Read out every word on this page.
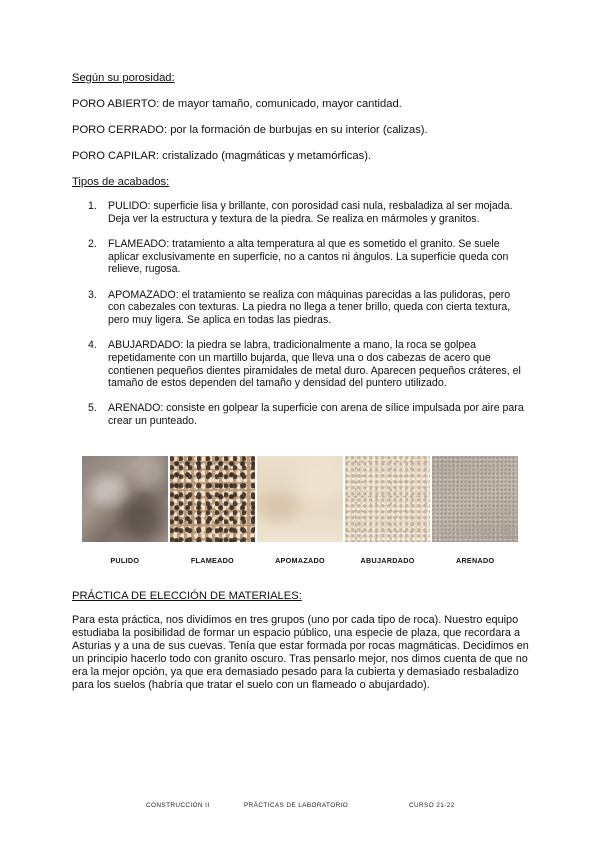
Según su porosidad:

PORO ABIERTO: de mayor tamaño, comunicado, mayor cantidad.

PORO CERRADO: por la formación de burbujas en su interior (calizas).

PORO CAPILAR: cristalizado (magmáticas y metamórficas).

Tipos de acabados:

1. PULIDO: superficie lisa y brillante, con porosidad casi nula, resbaladiza al ser mojada. Deja ver la estructura y textura de la piedra. Se realiza en mármoles y granitos.
2. FLAMEADO: tratamiento a alta temperatura al que es sometido el granito. Se suele aplicar exclusivamente en superficie, no a cantos ni ángulos. La superficie queda con relieve, rugosa.
3. APOMAZADO: el tratamiento se realiza con máquinas parecidas a las pulidoras, pero con cabezales con texturas. La piedra no llega a tener brillo, queda con cierta textura, pero muy ligera. Se aplica en todas las piedras.
4. ABUJARDADO: la piedra se labra, tradicionalmente a mano, la roca se golpea repetidamente con un martillo bujarda, que lleva una o dos cabezas de acero que contienen pequeños dientes piramidales de metal duro. Aparecen pequeños cráteres, el tamaño de estos dependen del tamaño y densidad del puntero utilizado.
5. ARENADO: consiste en golpear la superficie con arena de sílice impulsada por aire para crear un punteado.
PULIDO	FLAMEADO	APOMAZADO	ABUJARDADO	ARENADO

PRÁCTICA DE ELECCIÓN DE MATERIALES:

Para esta práctica, nos dividimos en tres grupos (uno por cada tipo de roca). Nuestro equipo estudiaba la posibilidad de formar un espacio público, una especie de plaza, que recordara a Asturias y a una de sus cuevas. Tenía que estar formada por rocas magmáticas. Decidimos en un principio hacerlo todo con granito oscuro. Tras pensarlo mejor, nos dimos cuenta de que no era la mejor opción, ya que era demasiado pesado para la cubierta y demasiado resbaladizo para los suelos (habría que tratar el suelo con un flameado o abujardado).

CONSTRUCCIÓN II	PRÁCTICAS DE LABORATORIO	CURSO 21-22
